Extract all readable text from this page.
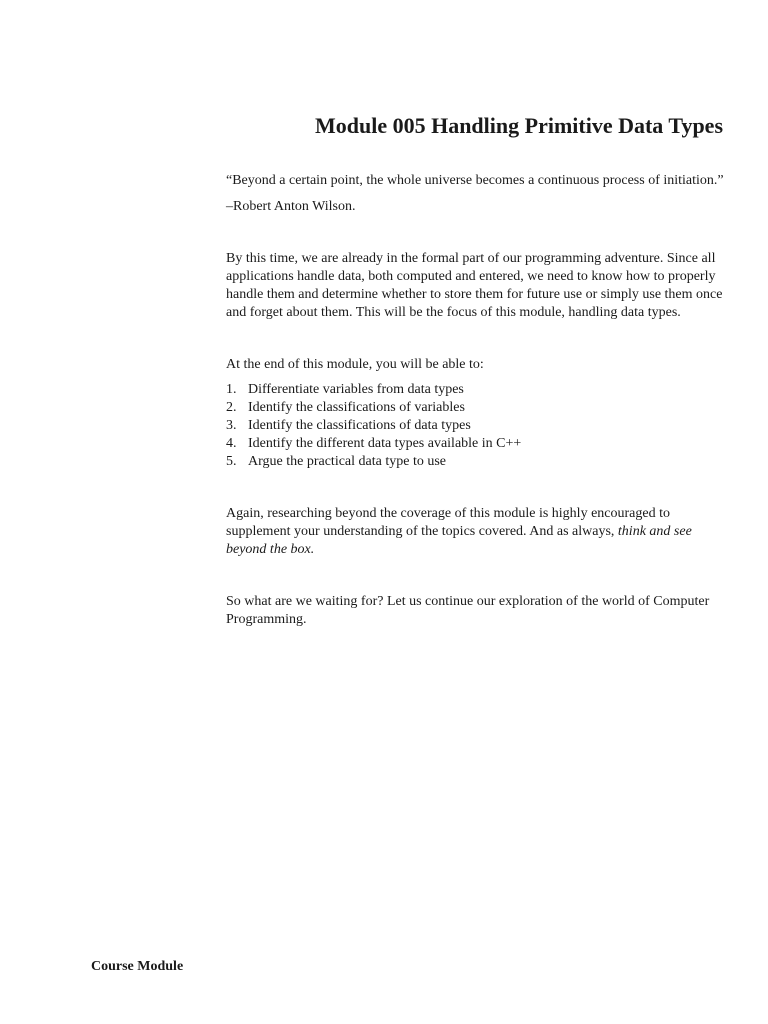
Module 005 Handling Primitive Data Types

“Beyond a certain point, the whole universe becomes a continuous process of initiation.”

–Robert Anton Wilson.

By this time, we are already in the formal part of our programming adventure. Since all applications handle data, both computed and entered, we need to know how to properly handle them and determine whether to store them for future use or simply use them once and forget about them. This will be the focus of this module, handling data types.

At the end of this module, you will be able to:

1. Differentiate variables from data types
2. Identify the classifications of variables
3. Identify the classifications of data types
4. Identify the different data types available in C++
5. Argue the practical data type to use

Again, researching beyond the coverage of this module is highly encouraged to supplement your understanding of the topics covered. And as always, think and see beyond the box.

So what are we waiting for? Let us continue our exploration of the world of Computer Programming.

Course Module
